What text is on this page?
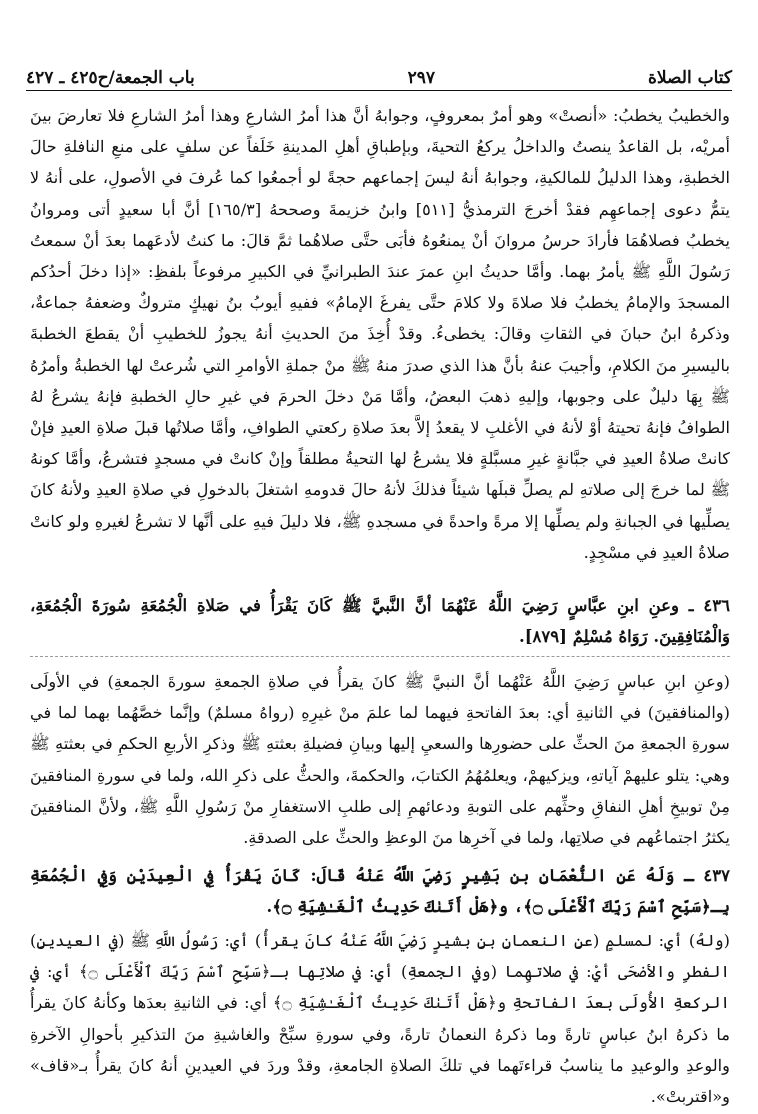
كتاب الصلاة
٢٩٧
باب الجمعة/ح٤٢٥ ـ ٤٢٧
والخطيبُ يخطبُ: «أنصتْ» وهو أمرٌ بمعروفٍ، وجوابهُ أنَّ هذا أمرُ الشارعِ وهذا أمرُ الشارعِ فلا تعارضَ بينَ أمريْه، بل القاعدُ ينصتُ والداخلُ يركعُ التحيةَ، وبإطباقِ أهلِ المدينةِ خَلَفاً عن سلفٍ على منعِ النافلةِ حالَ الخطبةِ، وهذا الدليلُ للمالكيةِ، وجوابهُ أنهُ ليسَ إجماعهم حجةً لو أجمعُوا كما عُرفَ في الأصولِ، على أنهُ لا يتمُّ دعوى إجماعهِم فقدْ أخرجَ الترمذيُّ [٥١١] وابنُ خزيمةَ وصححهُ [١٦٥/٣] أنَّ أبا سعيدٍ أتى ومروانُ يخطبُ فصلاهُمَا فأرادَ حرسُ مروانَ أنْ يمنعُوهُ فأبَى حتَّى صلاهُما ثمَّ قالَ: ما كنتُ لأدعَهما بعدَ أنْ سمعتُ رَسُولَ اللَّهِ ﷺ يأمرُ بهما. وأمَّا حديثُ ابنِ عمرَ عندَ الطبرانيِّ في الكبيرِ مرفوعاً بلفظِ: «إذا دخلَ أحدُكم المسجدَ والإمامُ يخطبُ فلا صلاةَ ولا كلامَ حتَّى يفرغَ الإمامُ» ففيهِ أيوبُ بنُ نهيكٍ متروكٌ وضعفهُ جماعةٌ، وذكرهُ ابنُ حبانَ في الثقاتِ وقالَ: يخطىءُ. وقدْ أُخِذَ منَ الحديثِ أنهُ يجوزُ للخطيبِ أنْ يقطعَ الخطبةَ باليسيرِ منَ الكلامِ، وأجيبَ عنهُ بأنَّ هذا الذي صدرَ منهُ ﷺ منْ جملةِ الأوامرِ التي شُرعتْ لها الخطبةُ وأمرُهُ ﷺ بِهَا دليلٌ على وجوبها، وإليهِ ذهبَ البعضُ، وأمَّا مَنْ دخلَ الحرمَ في غيرِ حالِ الخطبةِ فإنهُ يشرعُ لهُ الطوافُ فإنهُ تحيتهُ أوْ لأنهُ في الأغلبِ لا يقعدُ إلاَّ بعدَ صلاةِ ركعتي الطوافِ، وأمَّا صلاتُها قبلَ صلاةِ العيدِ فإنْ كانتْ صلاةُ العيدِ في جبَّانةٍ غيرِ مسبَّلةٍ فلا يشرعُ لها التحيةُ مطلقاً وإنْ كانتْ في مسجدٍ فتشرعُ، وأمَّا كونهُ ﷺ لما خرجَ إلى صلاتهِ لم يصلِّ قبلَها شيئاً فذلكَ لأنهُ حالَ قدومهِ اشتغلَ بالدخولِ في صلاةِ العيدِ ولأنهُ كانَ يصلِّيها في الجبانةِ ولم يصلِّها إلا مرةً واحدةً في مسجدهِ ﷺ، فلا دليلَ فيهِ على أنَّها لا تشرعُ لغيرهِ ولو كانتْ صلاةُ العيدِ في مسْجِدٍ.
٤٣٦ ـ وعنِ ابنِ عبَّاسٍ رَضِيَ اللَّهُ عَنْهُمَا أنَّ النَّبيَّ ﷺ كَانَ يَقْرَأُ في صَلاةِ الْجُمُعَةِ سُورَةَ الْجُمُعَةِ، وَالْمُنَافِقِينَ. رَوَاهُ مُسْلِمٌ [٨٧٩].
(وعنِ ابنِ عباسٍ رَضِيَ اللَّهُ عَنْهُما أنَّ النبيَّ ﷺ كانَ يقرأُ في صلاةِ الجمعةِ سورةَ الجمعةِ) في الأولَى (والمنافقينَ) في الثانيةِ أي: بعدَ الفاتحةِ فيهما لما علمَ منْ غيرِهِ (رواهُ مسلمٌ) وإنَّما خصَّهُما بهما لما في سورةِ الجمعةِ منَ الحثِّ على حضورِها والسعيِ إليها وبيانِ فضيلةِ بعثتهِ ﷺ وذكرِ الأربعِ الحكمِ في بعثتهِ ﷺ وهي: يتلو عليهمْ آياتهِ، ويزكيهمْ، ويعلمُهُمُ الكتابَ، والحكمةَ، والحثُّ على ذكرِ الله، ولما في سورةِ المنافقينَ مِنْ توبيخِ أهلِ النفاقِ وحثِّهم على التوبةِ ودعائهمِ إلى طلبِ الاستغفارِ منْ رَسُولِ اللَّهِ ﷺ، ولأنَّ المنافقينَ يكثرُ اجتماعُهم في صلاتِها، ولما في آخرِها منَ الوعظِ والحثِّ على الصدقةِ.
٤٣٧ ـ وَلَهُ عَنِ النُّعْمَانِ بنِ بَشِيرٍ رَضِيَ اللَّهُ عَنْهُ قَالَ: كَانَ يَقْرَأُ فِي الْعِيدَيْنِ وَفِي الْجُمُعَةِ بِـ﴿سَبِّحِ ٱسْمَ رَبِّكَ ٱلْأَعْلَى ۝﴾، و﴿هَلْ أَتَىٰكَ حَدِيثُ ٱلْغَـٰشِيَةِ ۝﴾.
(ولهُ) أي: لمسلمٍ (عنِ النعمانِ بنِ بشيرٍ رَضِيَ اللَّهُ عَنْهُ كانَ يقرأُ) أي: رَسُولُ اللَّهِ ﷺ (في العيدينِ) الفطرِ والأضحَى أيْ: في صلاتهِما (وفي الجمعةِ) أي: في صلاتِها بـ﴿سَبِّحِ ٱسْمَ رَبِّكَ ٱلْأَعْلَى ۝﴾ أي: في الركعةِ الأُولَى بعدَ الفاتحةِ و﴿هَلْ أَتَىٰكَ حَدِيثُ ٱلْغَـٰشِيَةِ ۝﴾ أي: في الثانيةِ بعدَها وكأنهُ كانَ يقرأُ ما ذكرهُ ابنُ عباسٍ تارةً وما ذكرهُ النعمانُ تارةً، وفي سورةِ سبِّحْ والغاشيةِ منَ التذكيرِ بأحوالِ الآخرةِ والوعدِ والوعيدِ ما يناسبُ قراءتَهما في تلكَ الصلاةِ الجامعةِ، وقدْ وردَ في العيدينِ أنهُ كانَ يقرأُ بـ«قاف» و«اقتربتْ».
